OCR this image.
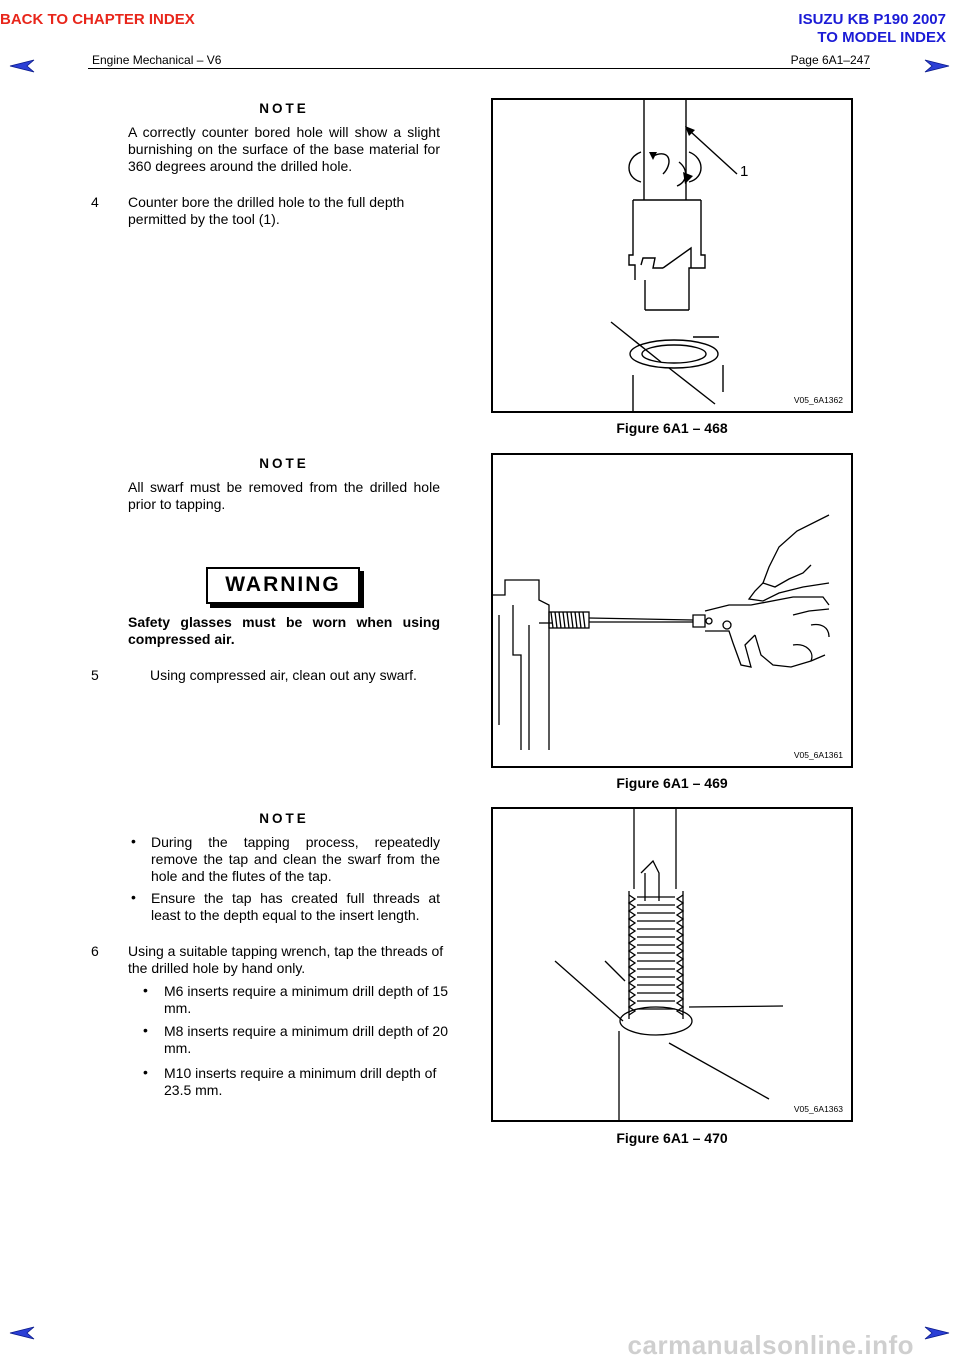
BACK TO CHAPTER INDEX	ISUZU KB P190 2007
TO MODEL INDEX
Engine Mechanical – V6	Page 6A1–247
NOTE
A correctly counter bored hole will show a slight burnishing on the surface of the base material for 360 degrees around the drilled hole.
4 Counter bore the drilled hole to the full depth permitted by the tool (1).
1
V05_6A1362
Figure 6A1 – 468
NOTE
All swarf must be removed from the drilled hole prior to tapping.
WARNING
Safety glasses must be worn when using compressed air.
5	Using compressed air, clean out any swarf.
V05_6A1361
Figure 6A1 – 469
NOTE
• During the tapping process, repeatedly remove the tap and clean the swarf from the hole and the flutes of the tap.
• Ensure the tap has created full threads at least to the depth equal to the insert length.
6 Using a suitable tapping wrench, tap the threads of the drilled hole by hand only.
• M6 inserts require a minimum drill depth of 15 mm.
• M8 inserts require a minimum drill depth of 20 mm.
• M10 inserts require a minimum drill depth of 23.5 mm.
V05_6A1363
Figure 6A1 – 470
carmanualsonline.info
